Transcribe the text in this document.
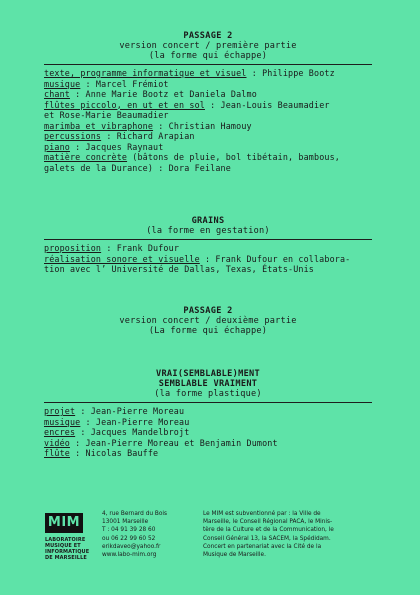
PASSAGE 2
version concert / première partie
(la forme qui échappe)
texte, programme informatique et visuel : Philippe Bootz
musique : Marcel Frémiot
chant : Anne Marie Bootz et Daniela Dalmo
flûtes piccolo, en ut et en sol : Jean-Louis Beaumadier
et Rose-Marie Beaumadier
marimba et vibraphone : Christian Hamouy
percussions : Richard Arapian
piano : Jacques Raynaut
matière concrète (bâtons de pluie, bol tibétain, bambous,
galets de la Durance) : Dora Feilane
GRAINS
(la forme en gestation)
proposition : Frank Dufour
réalisation sonore et visuelle : Frank Dufour en collabora-
tion avec l’ Université de Dallas, Texas, États-Unis
PASSAGE 2
version concert / deuxième partie
(La forme qui échappe)
VRAI(SEMBLABLE)MENT
SEMBLABLE VRAIMENT
(la forme plastique)
projet : Jean-Pierre Moreau
musique : Jean-Pierre Moreau
encres : Jacques Mandelbrojt
vidéo : Jean-Pierre Moreau et Benjamin Dumont
flûte : Nicolas Bauffe
MIM
LABORATOIRE
MUSIQUE ET
INFORMATIQUE
DE MARSEILLE
4, rue Bernard du Bois
13001 Marseille
T : 04 91 39 28 60
ou 06 22 99 60 52
erikdaveo@yahoo.fr
www.labo-mim.org
Le MIM est subventionné par : la Ville de
Marseille, le Conseil Régional PACA, le Minis-
tère de la Culture et de la Communication, le
Conseil Général 13, la SACEM, la Spédidam.
Concert en partenariat avec la Cité de la
Musique de Marseille.
